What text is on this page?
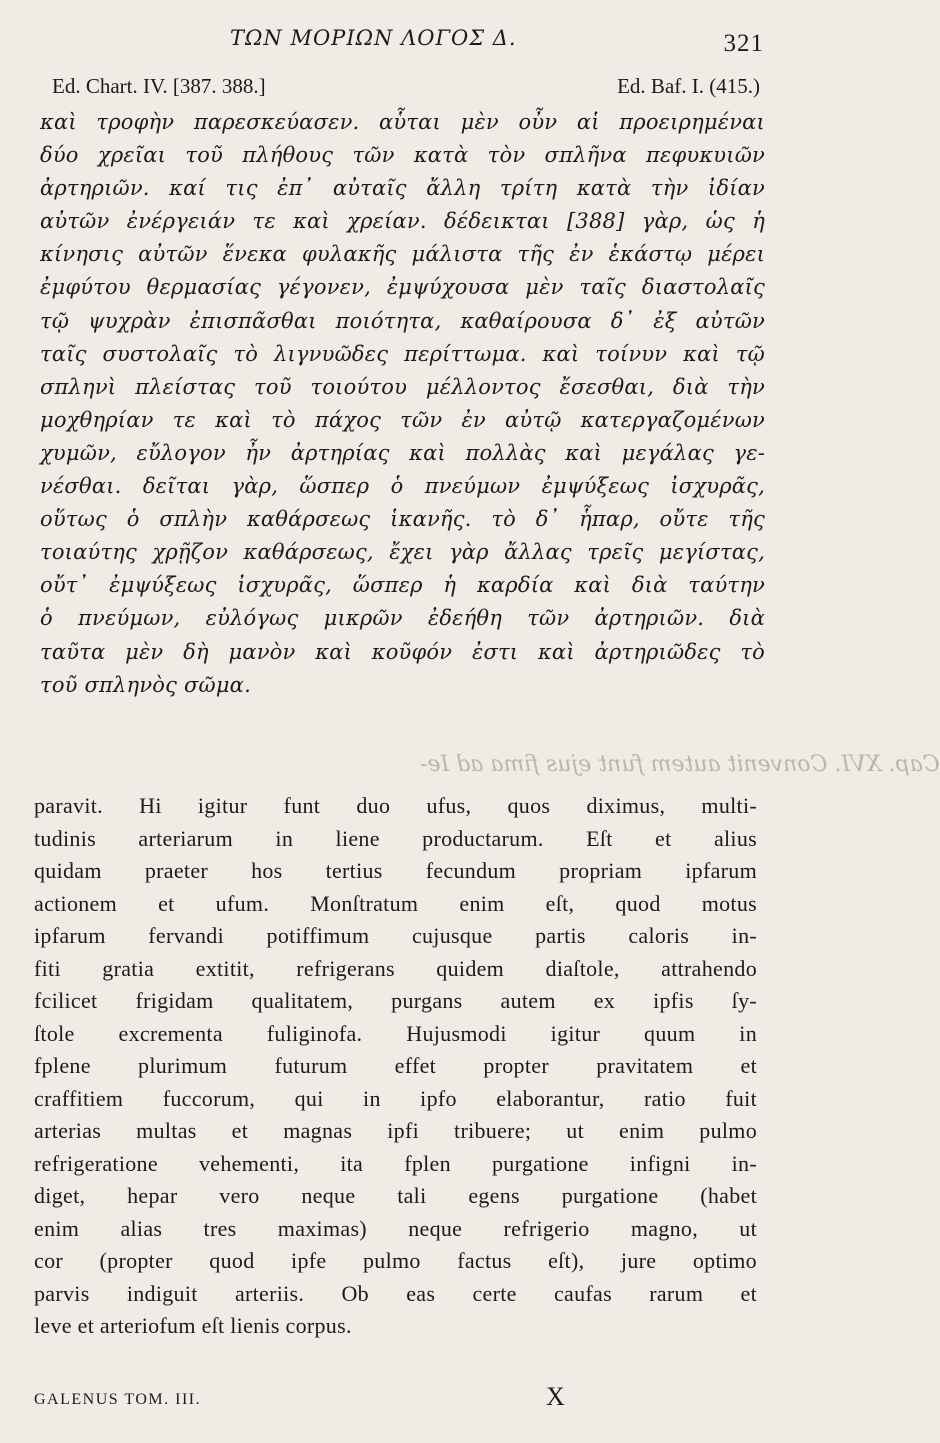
ΤΩΝ ΜΟΡΙΩΝ ΛΟΓΟΣ Δ.	321
Ed. Chart. IV. [387. 388.]	Ed. Baf. I. (415.)
καὶ τροφὴν παρεσκεύασεν. αὗται μὲν οὖν αἱ προειρημέναι
δύο χρεῖαι τοῦ πλήθους τῶν κατὰ τὸν σπλῆνα πεφυκυιῶν
ἀρτηριῶν. καί τις ἐπ᾽ αὐταῖς ἄλλη τρίτη κατὰ τὴν ἰδίαν
αὐτῶν ἐνέργειάν τε καὶ χρείαν. δέδεικται [388] γὰρ, ὡς ἡ
κίνησις αὐτῶν ἕνεκα φυλακῆς μάλιστα τῆς ἐν ἑκάστῳ μέρει
ἐμφύτου θερμασίας γέγονεν, ἐμψύχουσα μὲν ταῖς διαστολαῖς
τῷ ψυχρὰν ἐπισπᾶσθαι ποιότητα, καθαίρουσα δ᾽ ἐξ αὐτῶν
ταῖς συστολαῖς τὸ λιγνυῶδες περίττωμα. καὶ τοίνυν καὶ τῷ
σπληνὶ πλείστας τοῦ τοιούτου μέλλοντος ἔσεσθαι, διὰ τὴν
μοχθηρίαν τε καὶ τὸ πάχος τῶν ἐν αὐτῷ κατεργαζομένων
χυμῶν, εὔλογον ἦν ἀρτηρίας καὶ πολλὰς καὶ μεγάλας γε-
νέσθαι. δεῖται γὰρ, ὥσπερ ὁ πνεύμων ἐμψύξεως ἰσχυρᾶς,
οὕτως ὁ σπλὴν καθάρσεως ἱκανῆς. τὸ δ᾽ ἧπαρ, οὔτε τῆς
τοιαύτης χρῇζον καθάρσεως, ἔχει γὰρ ἄλλας τρεῖς μεγίστας,
οὔτ᾽ ἐμψύξεως ἰσχυρᾶς, ὥσπερ ἡ καρδία καὶ διὰ ταύτην
ὁ πνεύμων, εὐλόγως μικρῶν ἐδεήθη τῶν ἀρτηριῶν. διὰ
ταῦτα μὲν δὴ μανὸν καὶ κοῦφόν ἐστι καὶ ἀρτηριῶδες τὸ
τοῦ σπληνὸς σῶμα.
Cap. XVI. Convenit autem funt ejus fima ad Ie-
paravit. Hi igitur funt duo ufus, quos diximus, multi-
tudinis arteriarum in liene productarum. Eſt et alius
quidam praeter hos tertius fecundum propriam ipfarum
actionem et ufum. Monſtratum enim eſt, quod motus
ipfarum fervandi potiffimum cujusque partis caloris in-
fiti gratia extitit, refrigerans quidem diaſtole, attrahendo
fcilicet frigidam qualitatem, purgans autem ex ipfis ſy-
ſtole excrementa fuliginofa. Hujusmodi igitur quum in
fplene plurimum futurum effet propter pravitatem et
craffitiem fuccorum, qui in ipfo elaborantur, ratio fuit
arterias multas et magnas ipfi tribuere; ut enim pulmo
refrigeratione vehementi, ita fplen purgatione infigni in-
diget, hepar vero neque tali egens purgatione (habet
enim alias tres maximas) neque refrigerio magno, ut
cor (propter quod ipfe pulmo factus eſt), jure optimo
parvis indiguit arteriis. Ob eas certe caufas rarum et
leve et arteriofum eſt lienis corpus.
GALENUS TOM. III.	X
